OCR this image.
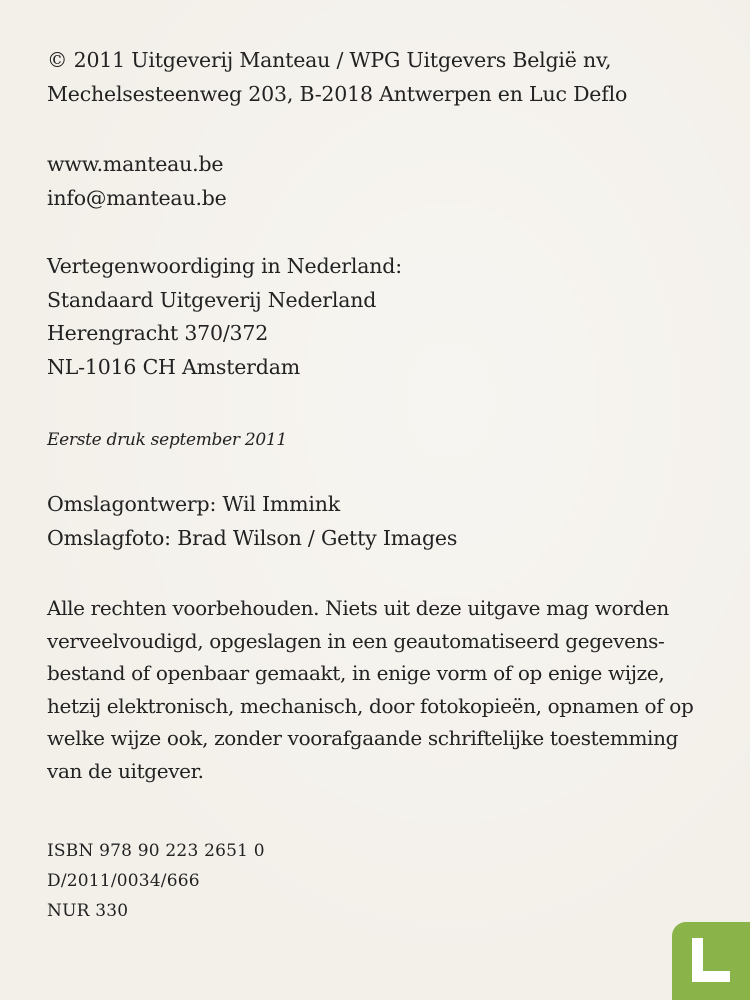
© 2011 Uitgeverij Manteau / WPG Uitgevers België nv,
Mechelsesteenweg 203, B-2018 Antwerpen en Luc Deflo
www.manteau.be
info@manteau.be
Vertegenwoordiging in Nederland:
Standaard Uitgeverij Nederland
Herengracht 370/372
NL-1016 CH Amsterdam
Eerste druk september 2011
Omslagontwerp: Wil Immink
Omslagfoto: Brad Wilson / Getty Images
Alle rechten voorbehouden. Niets uit deze uitgave mag worden
verveelvoudigd, opgeslagen in een geautomatiseerd gegevens-
bestand of openbaar gemaakt, in enige vorm of op enige wijze,
hetzij elektronisch, mechanisch, door fotokopieën, opnamen of op
welke wijze ook, zonder voorafgaande schriftelijke toestemming
van de uitgever.
ISBN 978 90 223 2651 0
D/2011/0034/666
NUR 330
